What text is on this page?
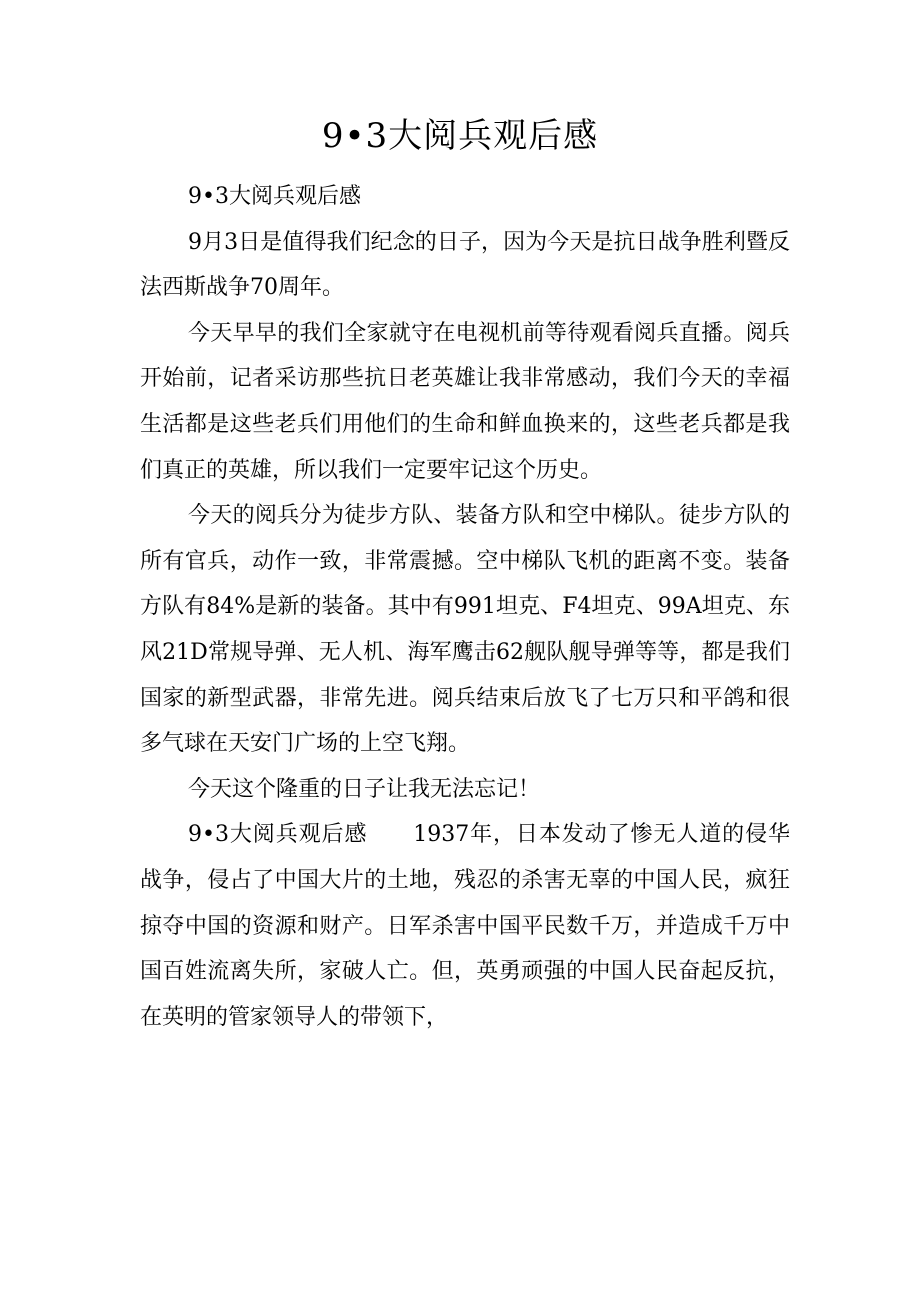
9•3大阅兵观后感

9•3大阅兵观后感

9月3日是值得我们纪念的日子，因为今天是抗日战争胜利暨反法西斯战争70周年。

今天早早的我们全家就守在电视机前等待观看阅兵直播。阅兵开始前，记者采访那些抗日老英雄让我非常感动，我们今天的幸福生活都是这些老兵们用他们的生命和鲜血换来的，这些老兵都是我们真正的英雄，所以我们一定要牢记这个历史。

今天的阅兵分为徒步方队、装备方队和空中梯队。徒步方队的所有官兵，动作一致，非常震撼。空中梯队飞机的距离不变。装备方队有84%是新的装备。其中有991坦克、F4坦克、99A坦克、东风21D常规导弹、无人机、海军鹰击62舰队舰导弹等等，都是我们国家的新型武器，非常先进。阅兵结束后放飞了七万只和平鸽和很多气球在天安门广场的上空飞翔。

今天这个隆重的日子让我无法忘记！

9•3大阅兵观后感　　1937年，日本发动了惨无人道的侵华战争，侵占了中国大片的土地，残忍的杀害无辜的中国人民，疯狂掠夺中国的资源和财产。日军杀害中国平民数千万，并造成千万中国百姓流离失所，家破人亡。但，英勇顽强的中国人民奋起反抗，在英明的管家领导人的带领下，
